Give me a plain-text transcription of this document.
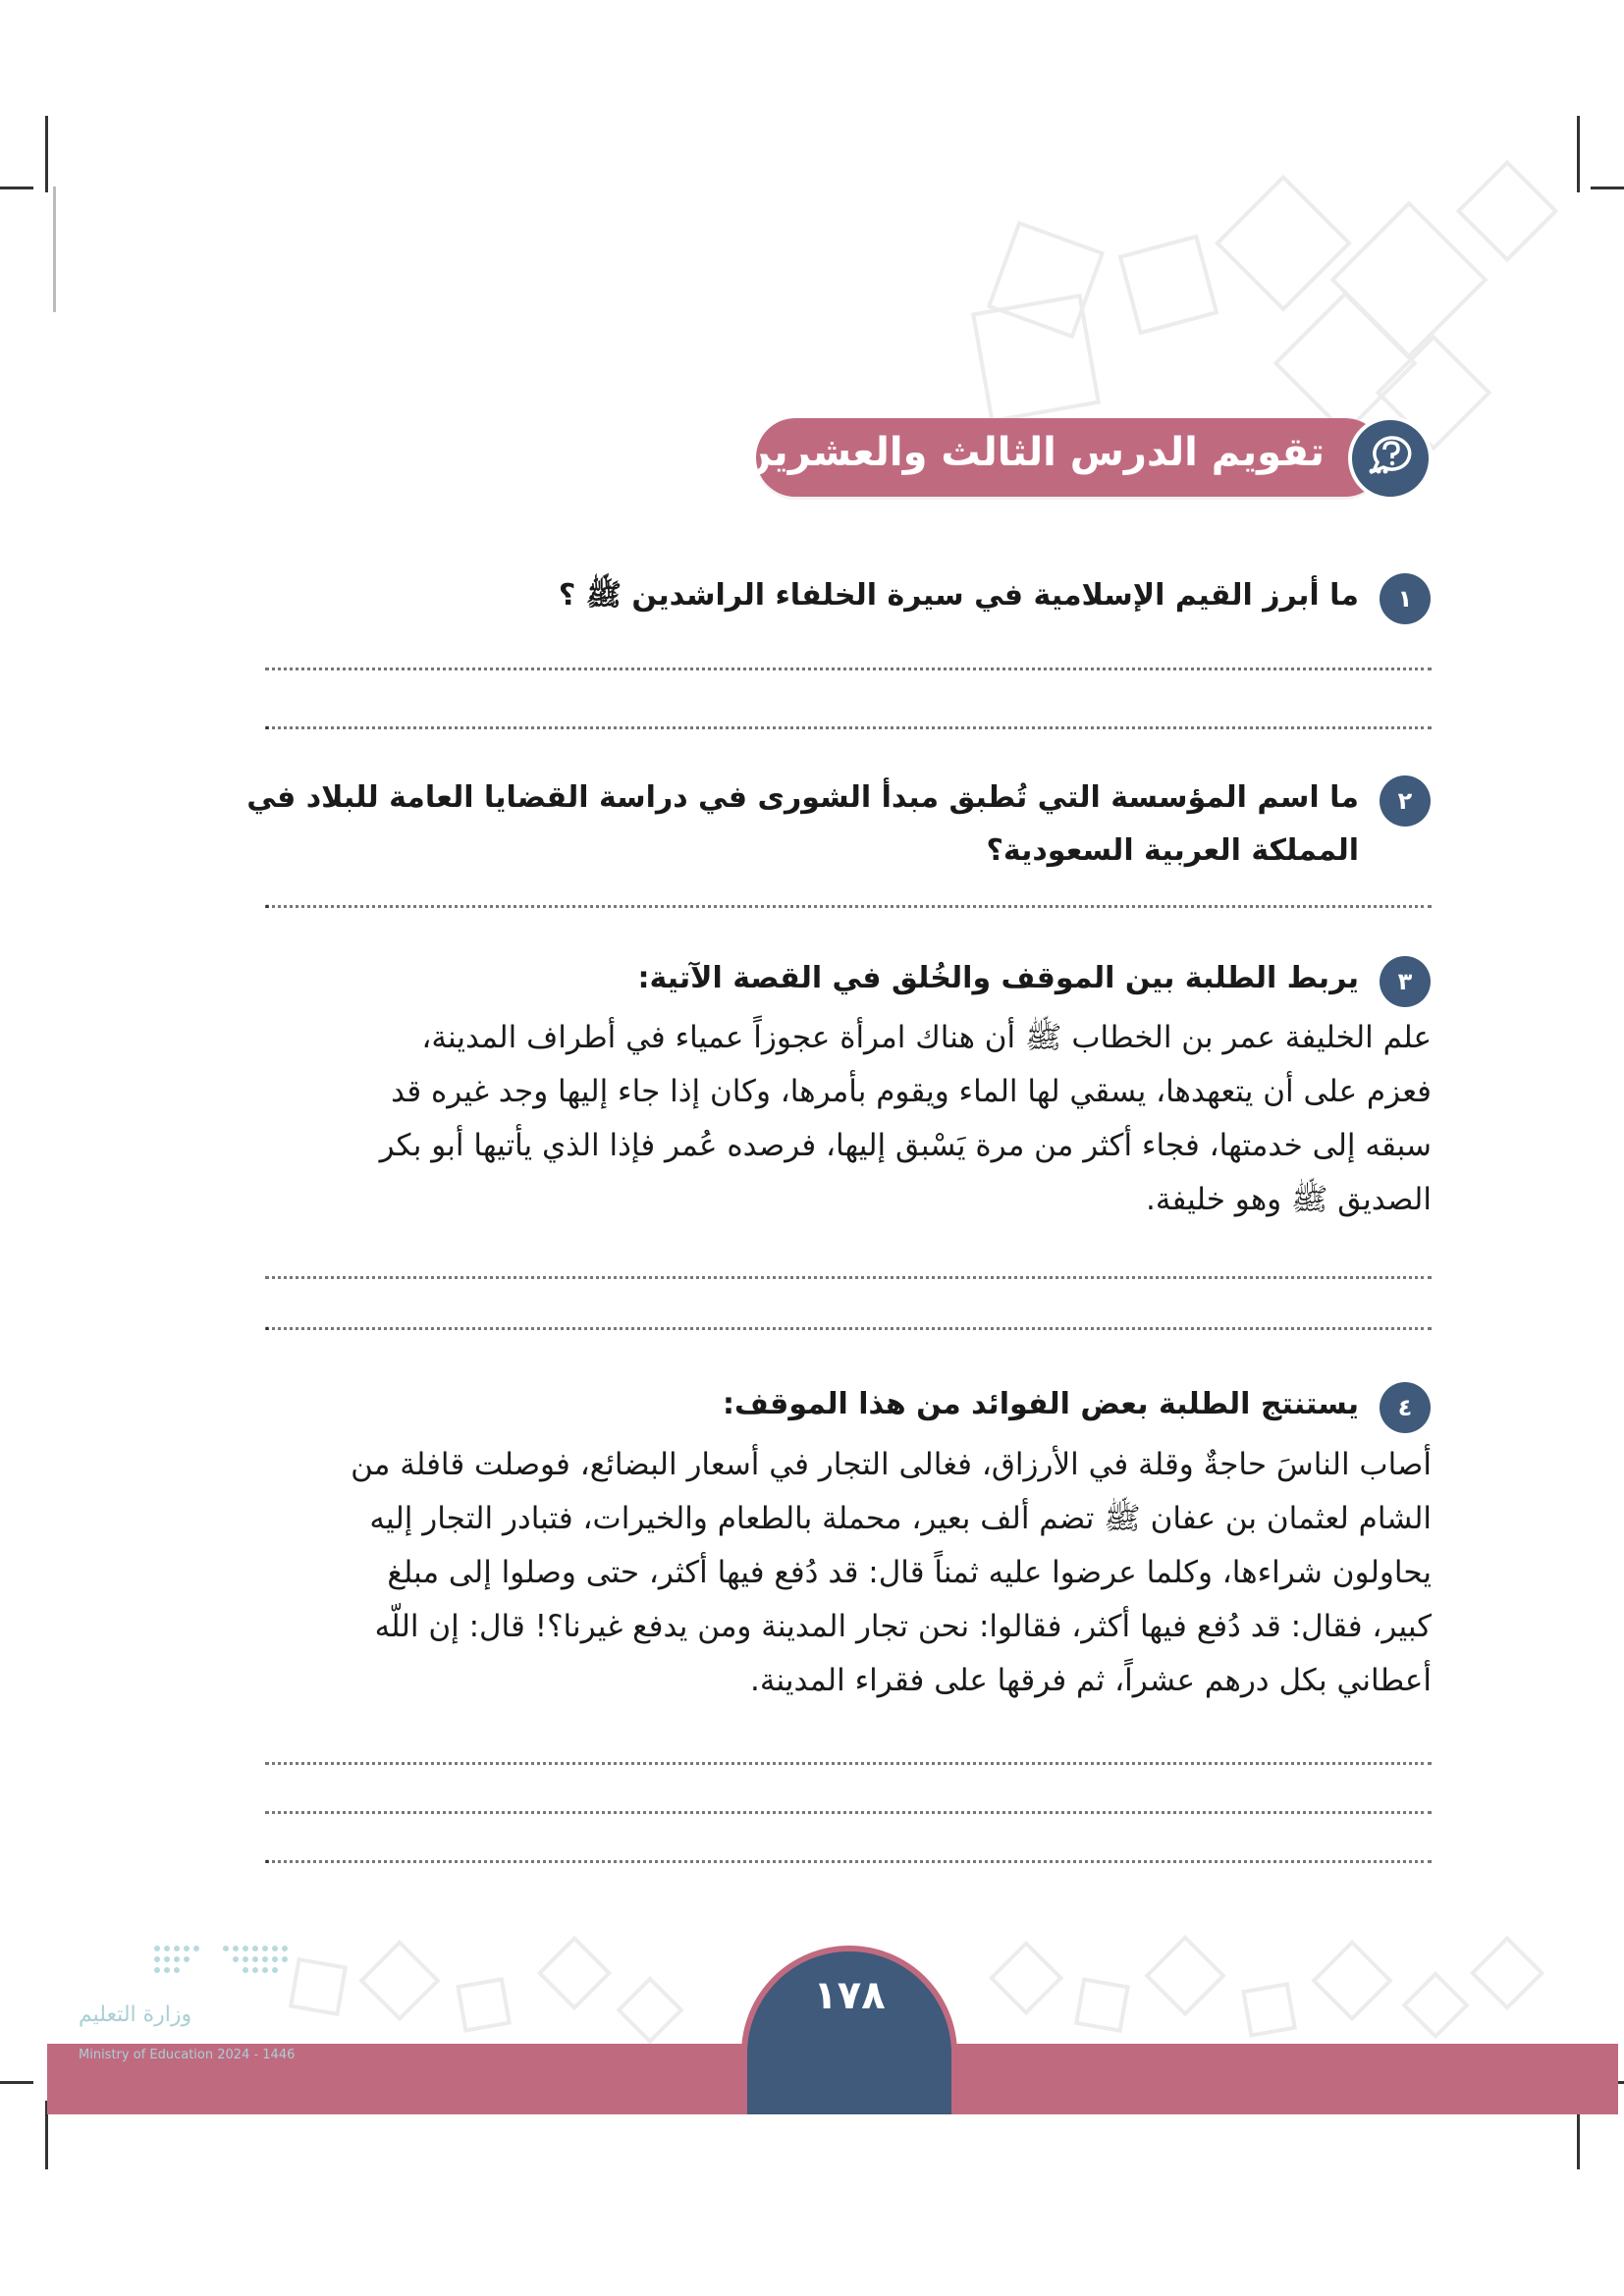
تقويم الدرس الثالث والعشرين
١
ما أبرز القيم الإسلامية في سيرة الخلفاء الراشدين ﷺ ؟
.
٢
ما اسم المؤسسة التي تُطبق مبدأ الشورى في دراسة القضايا العامة للبلاد في
المملكة العربية السعودية؟
.
٣
يربط الطلبة بين الموقف والخُلق في القصة الآتية:
علم الخليفة عمر بن الخطاب ﷺ أن هناك امرأة عجوزاً عمياء في أطراف المدينة،
فعزم على أن يتعهدها، يسقي لها الماء ويقوم بأمرها، وكان إذا جاء إليها وجد غيره قد
سبقه إلى خدمتها، فجاء أكثر من مرة يَسْبق إليها، فرصده عُمر فإذا الذي يأتيها أبو بكر
الصديق ﷺ وهو خليفة.
.
٤
يستنتج الطلبة بعض الفوائد من هذا الموقف:
أصاب الناسَ حاجةٌ وقلة في الأرزاق، فغالى التجار في أسعار البضائع، فوصلت قافلة من
الشام لعثمان بن عفان ﷺ تضم ألف بعير، محملة بالطعام والخيرات، فتبادر التجار إليه
يحاولون شراءها، وكلما عرضوا عليه ثمناً قال: قد دُفع فيها أكثر، حتى وصلوا إلى مبلغ
كبير، فقال: قد دُفع فيها أكثر، فقالوا: نحن تجار المدينة ومن يدفع غيرنا؟! قال: إن اللّه
أعطاني بكل درهم عشراً، ثم فرقها على فقراء المدينة.
.
١٧٨
وزارة التعليم
Ministry of Education 2024 - 1446
